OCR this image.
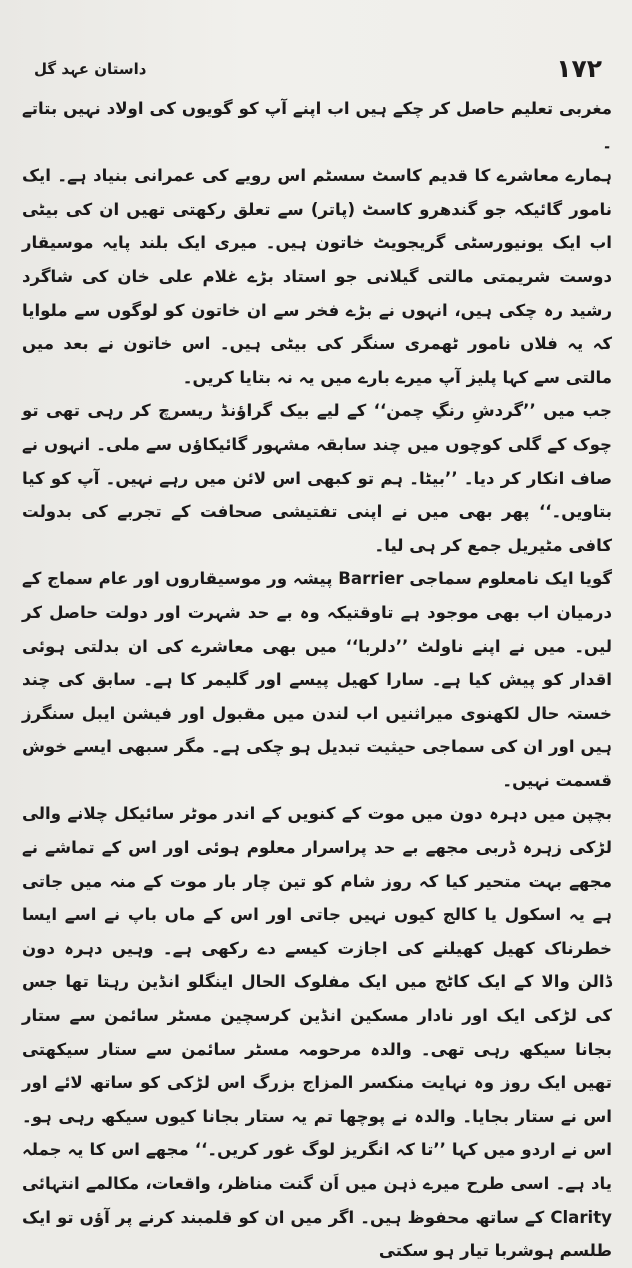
۱۷۲
داستان عہد گل

مغربی تعلیم حاصل کر چکے ہیں اب اپنے آپ کو گویوں کی اولاد نہیں بتاتے ۔

ہمارے معاشرے کا قدیم کاسٹ سسٹم اس رویے کی عمرانی بنیاد ہے۔ ایک نامور گائیکہ جو گندھرو کاسٹ (پاتر) سے تعلق رکھتی تھیں ان کی بیٹی اب ایک یونیورسٹی گریجویٹ خاتون ہیں۔ میری ایک بلند پایہ موسیقار دوست شریمتی مالتی گیلانی جو استاد بڑے غلام علی خان کی شاگرد رشید رہ چکی ہیں، انہوں نے بڑے فخر سے ان خاتون کو لوگوں سے ملوایا کہ یہ فلاں نامور ٹھمری سنگر کی بیٹی ہیں۔ اس خاتون نے بعد میں مالتی سے کہا پلیز آپ میرے بارے میں یہ نہ بتایا کریں۔

جب میں ’’گردشِ رنگِ چمن‘‘ کے لیے بیک گراؤنڈ ریسرچ کر رہی تھی تو چوک کے گلی کوچوں میں چند سابقہ مشہور گائیکاؤں سے ملی۔ انہوں نے صاف انکار کر دیا۔ ’’بیٹا۔ ہم تو کبھی اس لائن میں رہے نہیں۔ آپ کو کیا بتاویں۔‘‘ پھر بھی میں نے اپنی تفتیشی صحافت کے تجربے کی بدولت کافی مٹیریل جمع کر ہی لیا۔

گویا ایک نامعلوم سماجی Barrier پیشہ ور موسیقاروں اور عام سماج کے درمیان اب بھی موجود ہے تاوقتیکہ وہ بے حد شہرت اور دولت حاصل کر لیں۔ میں نے اپنے ناولٹ ’’دلربا‘‘ میں بھی معاشرے کی ان بدلتی ہوئی اقدار کو پیش کیا ہے۔ سارا کھیل پیسے اور گلیمر کا ہے۔ سابق کی چند خستہ حال لکھنوی میراثنیں اب لندن میں مقبول اور فیشن ایبل سنگرز ہیں اور ان کی سماجی حیثیت تبدیل ہو چکی ہے۔ مگر سبھی ایسے خوش قسمت نہیں۔

بچپن میں دہرہ دون میں موت کے کنویں کے اندر موٹر سائیکل چلانے والی لڑکی زہرہ ڈربی مجھے بے حد پراسرار معلوم ہوئی اور اس کے تماشے نے مجھے بہت متحیر کیا کہ روز شام کو تین چار بار موت کے منہ میں جاتی ہے یہ اسکول یا کالج کیوں نہیں جاتی اور اس کے ماں باپ نے اسے ایسا خطرناک کھیل کھیلنے کی اجازت کیسے دے رکھی ہے۔ وہیں دہرہ دون ڈالن والا کے ایک کاٹج میں ایک مفلوک الحال اینگلو انڈین رہتا تھا جس کی لڑکی ایک اور نادار مسکین انڈین کرسچین مسٹر سائمن سے ستار بجانا سیکھ رہی تھی۔ والدہ مرحومہ مسٹر سائمن سے ستار سیکھتی تھیں ایک روز وہ نہایت منکسر المزاج بزرگ اس لڑکی کو ساتھ لائے اور اس نے ستار بجایا۔ والدہ نے پوچھا تم یہ ستار بجانا کیوں سیکھ رہی ہو۔ اس نے اردو میں کہا ’’تا کہ انگریز لوگ غور کریں۔‘‘ مجھے اس کا یہ جملہ یاد ہے۔ اسی طرح میرے ذہن میں اَن گنت مناظر، واقعات، مکالمے انتہائی Clarity کے ساتھ محفوظ ہیں۔ اگر میں ان کو قلمبند کرنے پر آؤں تو ایک طلسم ہوشربا تیار ہو سکتی
